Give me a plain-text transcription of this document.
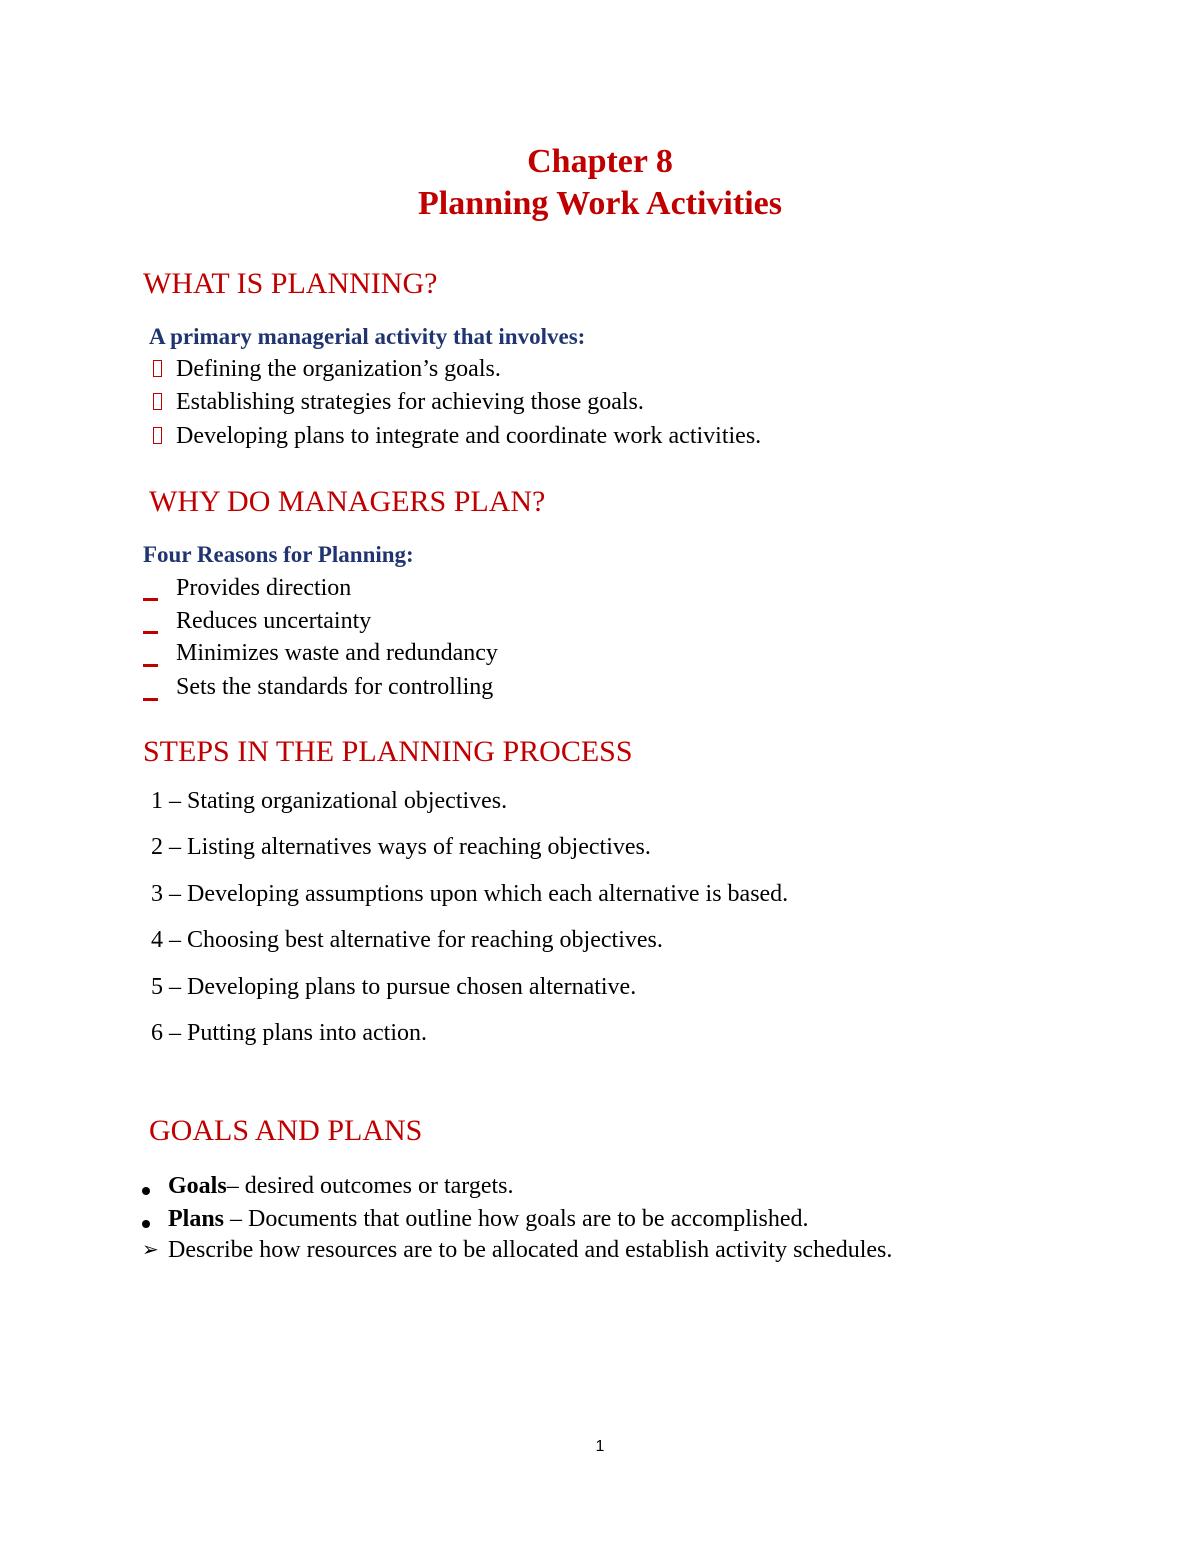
Chapter 8
Planning Work Activities
WHAT IS PLANNING?
A primary managerial activity that involves:
Defining the organization’s goals.
Establishing strategies for achieving those goals.
Developing plans to integrate and coordinate work activities.
WHY DO MANAGERS PLAN?
Four Reasons for Planning:
Provides direction
Reduces uncertainty
Minimizes waste and redundancy
Sets the standards for controlling
STEPS IN THE PLANNING PROCESS
1 – Stating organizational objectives.
2 – Listing alternatives ways of reaching objectives.
3 – Developing assumptions upon which each alternative is based.
4 – Choosing best alternative for reaching objectives.
5 – Developing plans to pursue chosen alternative.
6 – Putting plans into action.
GOALS AND PLANS
Goals– desired outcomes or targets.
Plans – Documents that outline how goals are to be accomplished.
➢ Describe how resources are to be allocated and establish activity schedules.
1
